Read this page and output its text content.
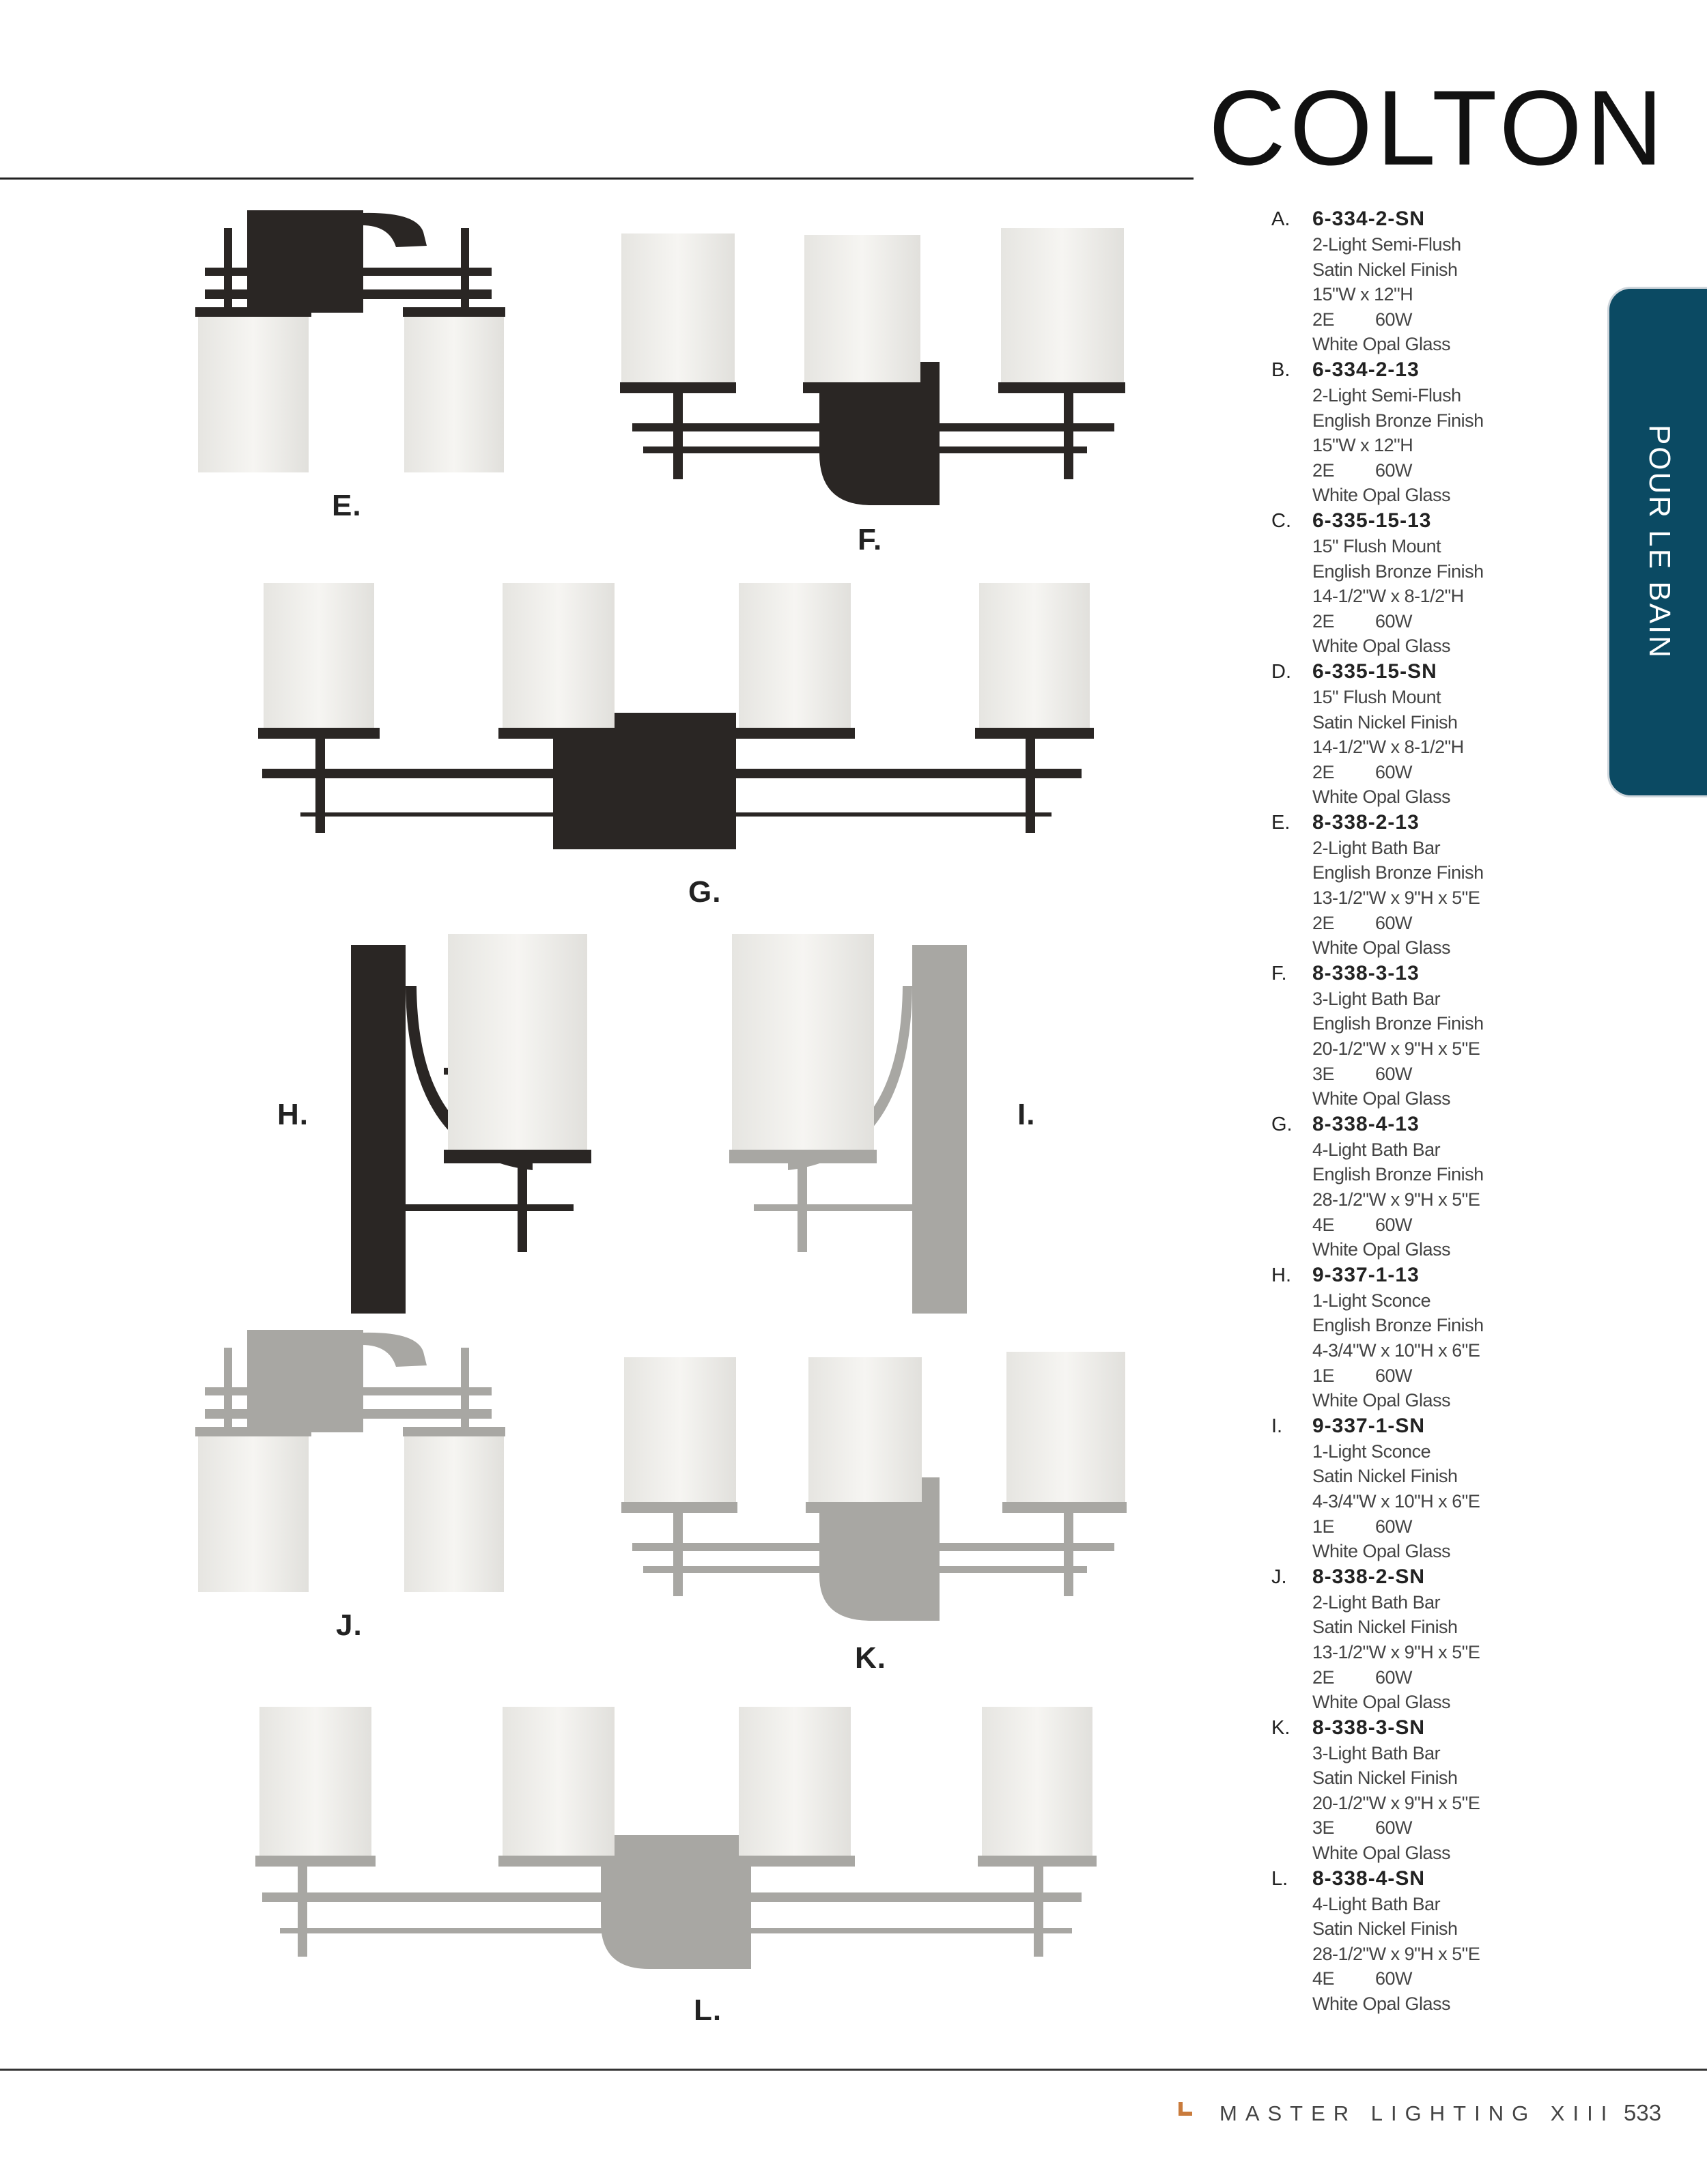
COLTON
POUR LE BAIN
A. 6-334-2-SN
2-Light Semi-Flush
Satin Nickel Finish
15"W x 12"H
2E 60W
White Opal Glass
B. 6-334-2-13
2-Light Semi-Flush
English Bronze Finish
15"W x 12"H
2E 60W
White Opal Glass
C. 6-335-15-13
15" Flush Mount
English Bronze Finish
14-1/2"W x 8-1/2"H
2E 60W
White Opal Glass
D. 6-335-15-SN
15" Flush Mount
Satin Nickel Finish
14-1/2"W x 8-1/2"H
2E 60W
White Opal Glass
E. 8-338-2-13
2-Light Bath Bar
English Bronze Finish
13-1/2"W x 9"H x 5"E
2E 60W
White Opal Glass
F. 8-338-3-13
3-Light Bath Bar
English Bronze Finish
20-1/2"W x 9"H x 5"E
3E 60W
White Opal Glass
G. 8-338-4-13
4-Light Bath Bar
English Bronze Finish
28-1/2"W x 9"H x 5"E
4E 60W
White Opal Glass
H. 9-337-1-13
1-Light Sconce
English Bronze Finish
4-3/4"W x 10"H x 6"E
1E 60W
White Opal Glass
I. 9-337-1-SN
1-Light Sconce
Satin Nickel Finish
4-3/4"W x 10"H x 6"E
1E 60W
White Opal Glass
J. 8-338-2-SN
2-Light Bath Bar
Satin Nickel Finish
13-1/2"W x 9"H x 5"E
2E 60W
White Opal Glass
K. 8-338-3-SN
3-Light Bath Bar
Satin Nickel Finish
20-1/2"W x 9"H x 5"E
3E 60W
White Opal Glass
L. 8-338-4-SN
4-Light Bath Bar
Satin Nickel Finish
28-1/2"W x 9"H x 5"E
4E 60W
White Opal Glass
E.
F.
G.
H.	I.
J.
K.
L.
MASTER LIGHTING XIII 533
